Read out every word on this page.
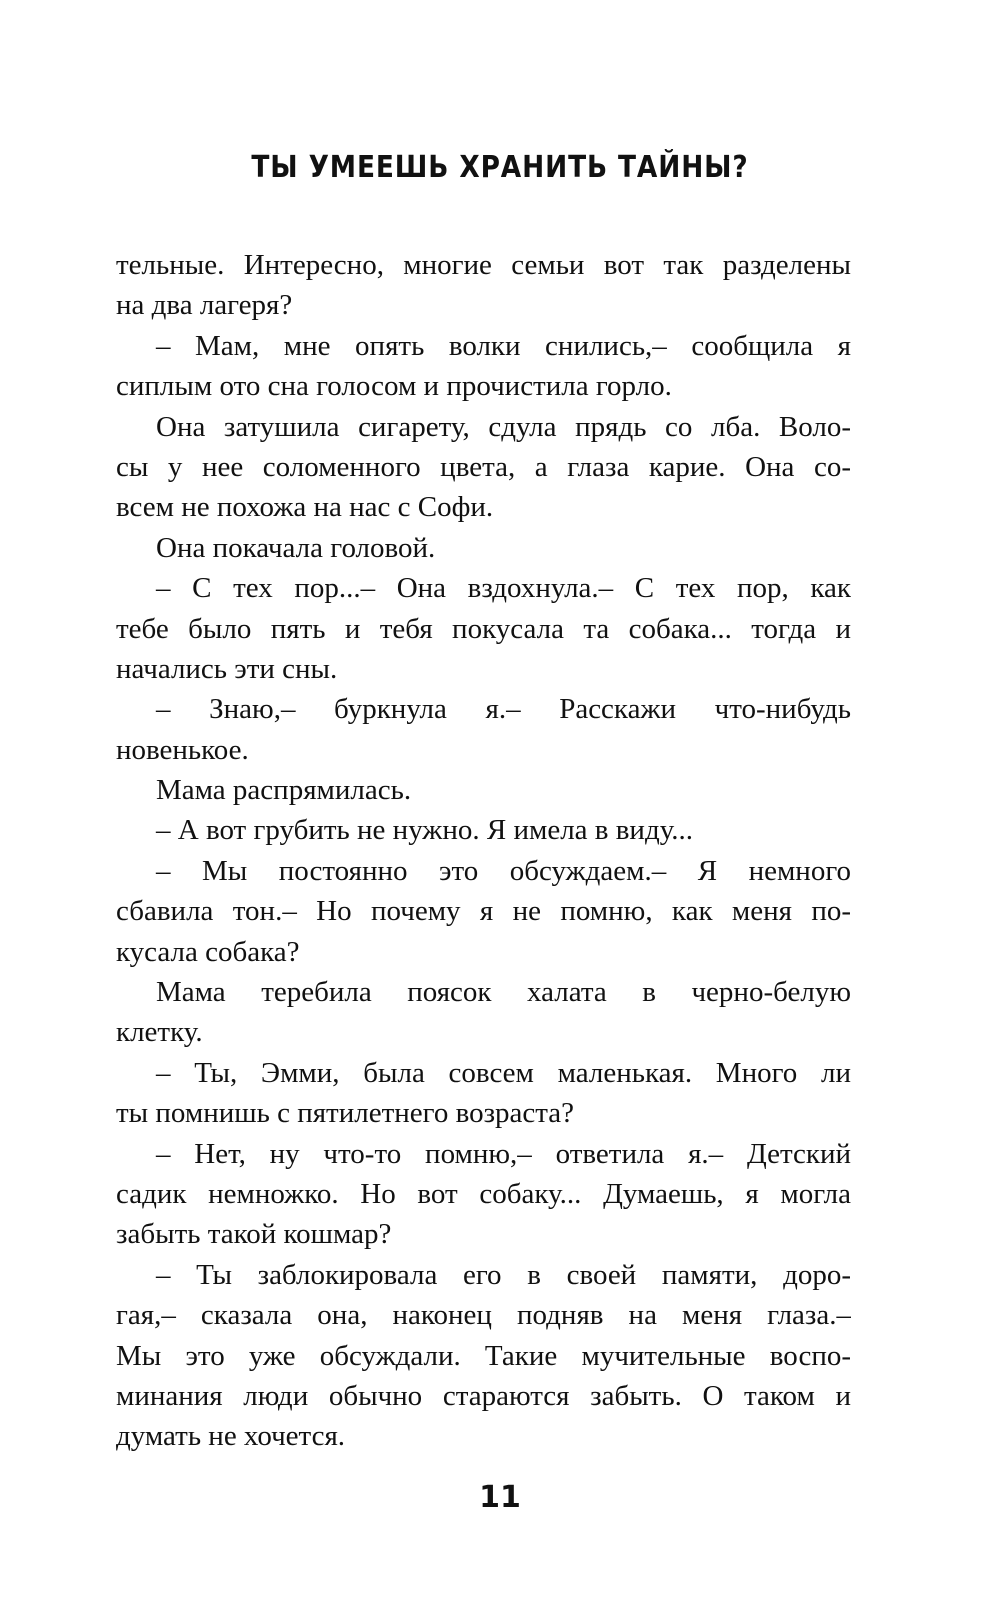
ТЫ УМЕЕШЬ ХРАНИТЬ ТАЙНЫ?
тельные. Интересно, многие семьи вот так разделены
на два лагеря?
– Мам, мне опять волки снились,– сообщила я
сиплым ото сна голосом и прочистила горло.
Она затушила сигарету, сдула прядь со лба. Воло-
сы у нее соломенного цвета, а глаза карие. Она со-
всем не похожа на нас с Софи.
Она покачала головой.
– С тех пор...– Она вздохнула.– С тех пор, как
тебе было пять и тебя покусала та собака... тогда и
начались эти сны.
– Знаю,– буркнула я.– Расскажи что-нибудь
новенькое.
Мама распрямилась.
– А вот грубить не нужно. Я имела в виду...
– Мы постоянно это обсуждаем.– Я немного
сбавила тон.– Но почему я не помню, как меня по-
кусала собака?
Мама теребила поясок халата в черно-белую
клетку.
– Ты, Эмми, была совсем маленькая. Много ли
ты помнишь с пятилетнего возраста?
– Нет, ну что-то помню,– ответила я.– Детский
садик немножко. Но вот собаку... Думаешь, я могла
забыть такой кошмар?
– Ты заблокировала его в своей памяти, доро-
гая,– сказала она, наконец подняв на меня глаза.–
Мы это уже обсуждали. Такие мучительные воспо-
минания люди обычно стараются забыть. О таком и
думать не хочется.
11
